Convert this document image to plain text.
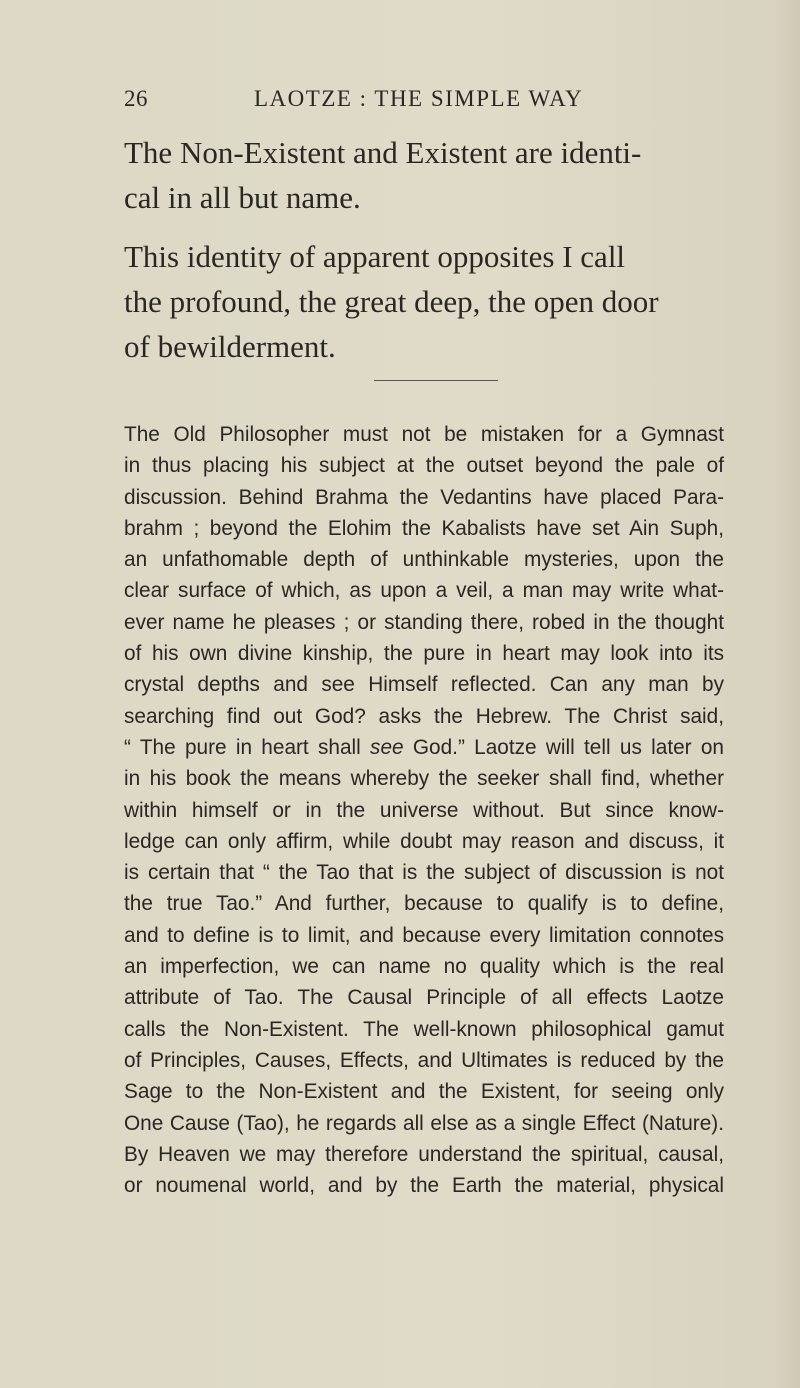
26	LAOTZE : THE SIMPLE WAY

The Non-Existent and Existent are identi-
cal in all but name.

This identity of apparent opposites I call
the profound, the great deep, the open door
of bewilderment.

The Old Philosopher must not be mistaken for a Gymnast
in thus placing his subject at the outset beyond the pale of
discussion. Behind Brahma the Vedantins have placed Para-
brahm ; beyond the Elohim the Kabalists have set Ain Suph,
an unfathomable depth of unthinkable mysteries, upon the
clear surface of which, as upon a veil, a man may write what-
ever name he pleases ; or standing there, robed in the thought
of his own divine kinship, the pure in heart may look into its
crystal depths and see Himself reflected. Can any man by
searching find out God? asks the Hebrew. The Christ said,
“ The pure in heart shall see God.” Laotze will tell us later on
in his book the means whereby the seeker shall find, whether
within himself or in the universe without. But since know-
ledge can only affirm, while doubt may reason and discuss, it
is certain that “ the Tao that is the subject of discussion is not
the true Tao.” And further, because to qualify is to define,
and to define is to limit, and because every limitation connotes
an imperfection, we can name no quality which is the real
attribute of Tao. The Causal Principle of all effects Laotze
calls the Non-Existent. The well-known philosophical gamut
of Principles, Causes, Effects, and Ultimates is reduced by the
Sage to the Non-Existent and the Existent, for seeing only
One Cause (Tao), he regards all else as a single Effect (Nature).
By Heaven we may therefore understand the spiritual, causal,
or noumenal world, and by the Earth the material, physical
